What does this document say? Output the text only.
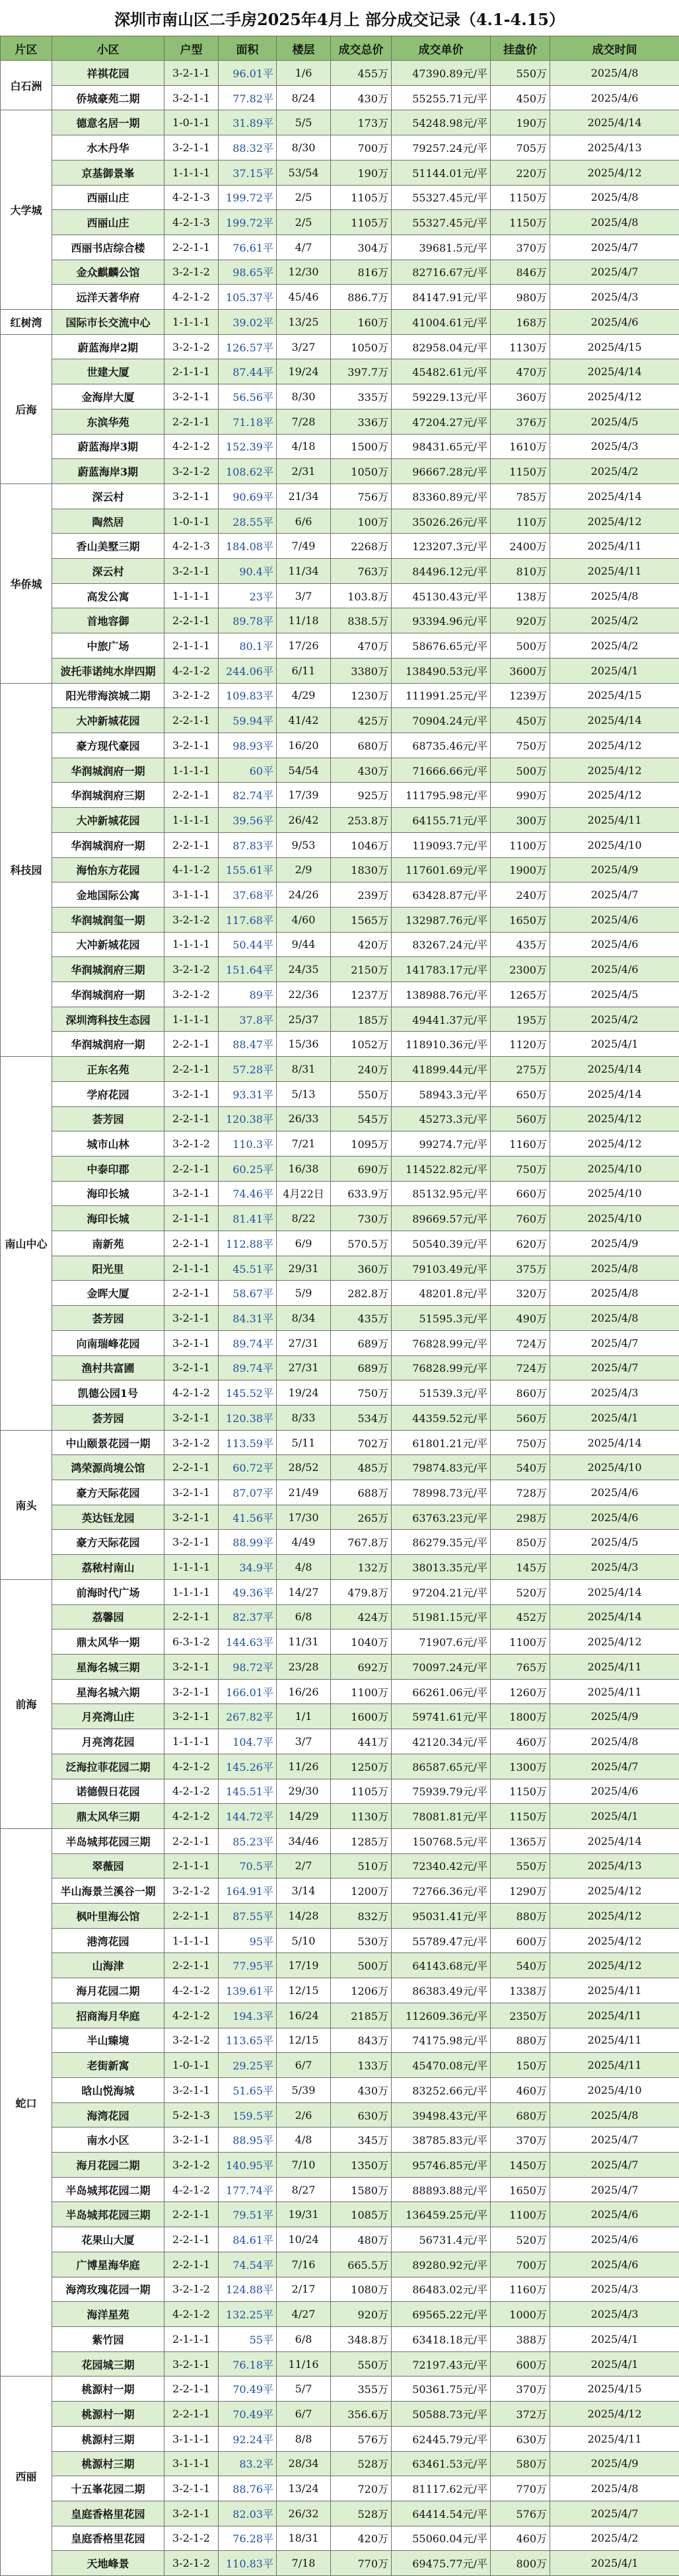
深圳市南山区二手房2025年4月上 部分成交记录（4.1-4.15）
片区	小区	户型	面积	楼层	成交总价	成交单价	挂盘价	成交时间
白石洲	祥祺花园	3-2-1-1	96.01平	1/6	455万	47390.89元/平	550万	2025/4/8
	侨城豪苑二期	3-2-1-1	77.82平	8/24	430万	55255.71元/平	450万	2025/4/6
大学城	德意名居一期	1-0-1-1	31.89平	5/5	173万	54248.98元/平	190万	2025/4/14
	水木丹华	3-2-1-1	88.32平	8/30	700万	79257.24元/平	705万	2025/4/13
	京基御景峯	1-1-1-1	37.15平	53/54	190万	51144.01元/平	220万	2025/4/12
	西丽山庄	4-2-1-3	199.72平	2/5	1105万	55327.45元/平	1150万	2025/4/8
	西丽山庄	4-2-1-3	199.72平	2/5	1105万	55327.45元/平	1150万	2025/4/8
	西丽书店综合楼	2-2-1-1	76.61平	4/7	304万	39681.5元/平	370万	2025/4/7
	金众麒麟公馆	3-2-1-2	98.65平	12/30	816万	82716.67元/平	846万	2025/4/7
	远洋天著华府	4-2-1-2	105.37平	45/46	886.7万	84147.91元/平	980万	2025/4/3
红树湾	国际市长交流中心	1-1-1-1	39.02平	13/25	160万	41004.61元/平	168万	2025/4/6
后海	蔚蓝海岸2期	3-2-1-2	126.57平	3/27	1050万	82958.04元/平	1130万	2025/4/15
	世建大厦	2-1-1-1	87.44平	19/24	397.7万	45482.61元/平	470万	2025/4/14
	金海岸大厦	3-2-1-1	56.56平	8/30	335万	59229.13元/平	360万	2025/4/12
	东滨华苑	2-2-1-1	71.18平	7/28	336万	47204.27元/平	376万	2025/4/5
	蔚蓝海岸3期	4-2-1-2	152.39平	4/18	1500万	98431.65元/平	1610万	2025/4/3
	蔚蓝海岸3期	3-2-1-2	108.62平	2/31	1050万	96667.28元/平	1150万	2025/4/2
华侨城	深云村	3-2-1-1	90.69平	21/34	756万	83360.89元/平	785万	2025/4/14
	陶然居	1-0-1-1	28.55平	6/6	100万	35026.26元/平	110万	2025/4/12
	香山美墅三期	4-2-1-3	184.08平	7/49	2268万	123207.3元/平	2400万	2025/4/11
	深云村	3-2-1-1	90.4平	11/34	763万	84496.12元/平	810万	2025/4/11
	高发公寓	1-1-1-1	23平	3/7	103.8万	45130.43元/平	138万	2025/4/8
	首地容御	2-2-1-1	89.78平	11/18	838.5万	93394.96元/平	920万	2025/4/2
	中旅广场	2-1-1-1	80.1平	17/26	470万	58676.65元/平	500万	2025/4/2
	波托菲诺纯水岸四期	4-2-1-2	244.06平	6/11	3380万	138490.53元/平	3600万	2025/4/1
科技园	阳光带海滨城二期	3-2-1-2	109.83平	4/29	1230万	111991.25元/平	1239万	2025/4/15
	大冲新城花园	2-2-1-1	59.94平	41/42	425万	70904.24元/平	450万	2025/4/14
	豪方现代豪园	3-2-1-1	98.93平	16/20	680万	68735.46元/平	750万	2025/4/12
	华润城润府一期	1-1-1-1	60平	54/54	430万	71666.66元/平	500万	2025/4/12
	华润城润府三期	2-2-1-1	82.74平	17/39	925万	111795.98元/平	990万	2025/4/12
	大冲新城花园	1-1-1-1	39.56平	26/42	253.8万	64155.71元/平	300万	2025/4/11
	华润城润府一期	2-2-1-1	87.83平	9/53	1046万	119093.7元/平	1100万	2025/4/10
	海怡东方花园	4-1-1-2	155.61平	2/9	1830万	117601.69元/平	1900万	2025/4/9
	金地国际公寓	3-1-1-1	37.68平	24/26	239万	63428.87元/平	240万	2025/4/7
	华润城润玺一期	3-2-1-2	117.68平	4/60	1565万	132987.76元/平	1650万	2025/4/6
	大冲新城花园	1-1-1-1	50.44平	9/44	420万	83267.24元/平	435万	2025/4/6
	华润城润府三期	3-2-1-2	151.64平	24/35	2150万	141783.17元/平	2300万	2025/4/6
	华润城润府一期	3-2-1-2	89平	22/36	1237万	138988.76元/平	1265万	2025/4/5
	深圳湾科技生态园	1-1-1-1	37.8平	25/37	185万	49441.37元/平	195万	2025/4/2
	华润城润府一期	2-2-1-1	88.47平	15/36	1052万	118910.36元/平	1120万	2025/4/1
南山中心	正东名苑	2-2-1-1	57.28平	8/31	240万	41899.44元/平	275万	2025/4/14
	学府花园	3-2-1-1	93.31平	5/13	550万	58943.3元/平	650万	2025/4/14
	荟芳园	2-2-1-1	120.38平	26/33	545万	45273.3元/平	560万	2025/4/12
	城市山林	3-2-1-2	110.3平	7/21	1095万	99274.7元/平	1160万	2025/4/12
	中泰印郡	2-2-1-1	60.25平	16/38	690万	114522.82元/平	750万	2025/4/10
	海印长城	3-2-1-1	74.46平	4月22日	633.9万	85132.95元/平	660万	2025/4/10
	海印长城	2-1-1-1	81.41平	8/22	730万	89669.57元/平	760万	2025/4/10
	南新苑	2-2-1-1	112.88平	6/9	570.5万	50540.39元/平	620万	2025/4/9
	阳光里	2-1-1-1	45.51平	29/31	360万	79103.49元/平	375万	2025/4/8
	金晖大厦	2-2-1-1	58.67平	5/9	282.8万	48201.8元/平	320万	2025/4/8
	荟芳园	3-2-1-1	84.31平	8/34	435万	51595.3元/平	490万	2025/4/8
	向南瑞峰花园	3-2-1-1	89.74平	27/31	689万	76828.99元/平	724万	2025/4/7
	渔村共富圃	3-2-1-1	89.74平	27/31	689万	76828.99元/平	724万	2025/4/7
	凯德公园1号	4-2-1-2	145.52平	19/24	750万	51539.3元/平	860万	2025/4/3
	荟芳园	3-2-1-1	120.38平	8/33	534万	44359.52元/平	560万	2025/4/1
南头	中山颐景花园一期	3-2-1-2	113.59平	5/11	702万	61801.21元/平	750万	2025/4/14
	鸿荣源尚境公馆	2-2-1-1	60.72平	28/52	485万	79874.83元/平	540万	2025/4/10
	豪方天际花园	3-2-1-1	87.07平	21/49	688万	78998.73元/平	728万	2025/4/6
	英达钰龙园	3-2-1-1	41.56平	17/30	265万	63763.23元/平	298万	2025/4/6
	豪方天际花园	3-2-1-1	88.99平	4/49	767.8万	86279.35元/平	850万	2025/4/5
	荔秾村南山	1-1-1-1	34.9平	4/8	132万	38013.35元/平	145万	2025/4/3
前海	前海时代广场	1-1-1-1	49.36平	14/27	479.8万	97204.21元/平	520万	2025/4/14
	荔馨园	2-2-1-1	82.37平	6/8	424万	51981.15元/平	452万	2025/4/14
	鼎太风华一期	6-3-1-2	144.63平	11/31	1040万	71907.6元/平	1100万	2025/4/12
	星海名城三期	3-2-1-1	98.72平	23/28	692万	70097.24元/平	765万	2025/4/11
	星海名城六期	3-2-1-1	166.01平	16/26	1100万	66261.06元/平	1260万	2025/4/11
	月亮湾山庄	3-2-1-1	267.82平	1/1	1600万	59741.61元/平	1800万	2025/4/9
	月亮湾花园	1-1-1-1	104.7平	3/7	441万	42120.34元/平	460万	2025/4/8
	泛海拉菲花园二期	4-2-1-2	145.26平	11/26	1250万	86587.65元/平	1300万	2025/4/7
	诺德假日花园	4-2-1-2	145.51平	29/30	1105万	75939.79元/平	1150万	2025/4/6
	鼎太风华三期	4-2-1-2	144.72平	14/29	1130万	78081.81元/平	1150万	2025/4/1
蛇口	半岛城邦花园三期	2-2-1-1	85.23平	34/46	1285万	150768.5元/平	1365万	2025/4/14
	翠薇园	2-1-1-1	70.5平	2/7	510万	72340.42元/平	550万	2025/4/13
	半山海景兰溪谷一期	3-2-1-2	164.91平	3/14	1200万	72766.36元/平	1290万	2025/4/12
	枫叶里海公馆	2-2-1-1	87.55平	14/28	832万	95031.41元/平	880万	2025/4/12
	港湾花园	1-1-1-1	95平	5/10	530万	55789.47元/平	600万	2025/4/12
	山海津	2-2-1-1	77.95平	17/19	500万	64143.68元/平	540万	2025/4/12
	海月花园二期	4-2-1-2	139.61平	12/15	1206万	86383.49元/平	1338万	2025/4/11
	招商海月华庭	4-2-1-2	194.3平	16/24	2185万	112609.36元/平	2350万	2025/4/11
	半山臻境	3-2-1-2	113.65平	12/15	843万	74175.98元/平	880万	2025/4/11
	老街新寓	1-0-1-1	29.25平	6/7	133万	45470.08元/平	150万	2025/4/11
	晗山悦海城	3-2-1-1	51.65平	5/39	430万	83252.66元/平	460万	2025/4/10
	海湾花园	5-2-1-3	159.5平	2/6	630万	39498.43元/平	680万	2025/4/8
	南水小区	3-2-1-1	88.95平	4/8	345万	38785.83元/平	370万	2025/4/7
	海月花园二期	3-2-1-2	140.95平	7/10	1350万	95746.85元/平	1450万	2025/4/7
	半岛城邦花园二期	4-2-1-2	177.74平	8/27	1580万	88893.88元/平	1650万	2025/4/7
	半岛城邦花园三期	2-2-1-1	79.51平	19/31	1085万	136459.25元/平	1100万	2025/4/6
	花果山大厦	2-2-1-1	84.61平	10/24	480万	56731.4元/平	520万	2025/4/6
	广博星海华庭	2-2-1-1	74.54平	7/16	665.5万	89280.92元/平	700万	2025/4/6
	海湾玫瑰花园一期	3-2-1-2	124.88平	2/17	1080万	86483.02元/平	1160万	2025/4/3
	海洋星苑	4-2-1-2	132.25平	4/27	920万	69565.22元/平	1000万	2025/4/3
	紫竹园	2-1-1-1	55平	6/8	348.8万	63418.18元/平	388万	2025/4/1
	花园城三期	3-2-1-1	76.18平	11/16	550万	72197.43元/平	600万	2025/4/1
西丽	桃源村一期	2-2-1-1	70.49平	5/7	355万	50361.75元/平	370万	2025/4/15
	桃源村一期	2-2-1-1	70.49平	6/7	356.6万	50588.73元/平	372万	2025/4/12
	桃源村三期	3-1-1-1	92.24平	8/8	576万	62445.79元/平	630万	2025/4/11
	桃源村三期	3-1-1-1	83.2平	28/34	528万	63461.53元/平	580万	2025/4/9
	十五峯花园二期	3-2-1-1	88.76平	13/24	720万	81117.62元/平	770万	2025/4/8
	皇庭香格里花园	3-2-1-1	82.03平	26/32	528万	64414.54元/平	576万	2025/4/7
	皇庭香格里花园	3-2-1-2	76.28平	18/31	420万	55060.04元/平	460万	2025/4/2
	天地峰景	3-2-1-2	110.83平	7/18	770万	69475.77元/平	800万	2025/4/1
